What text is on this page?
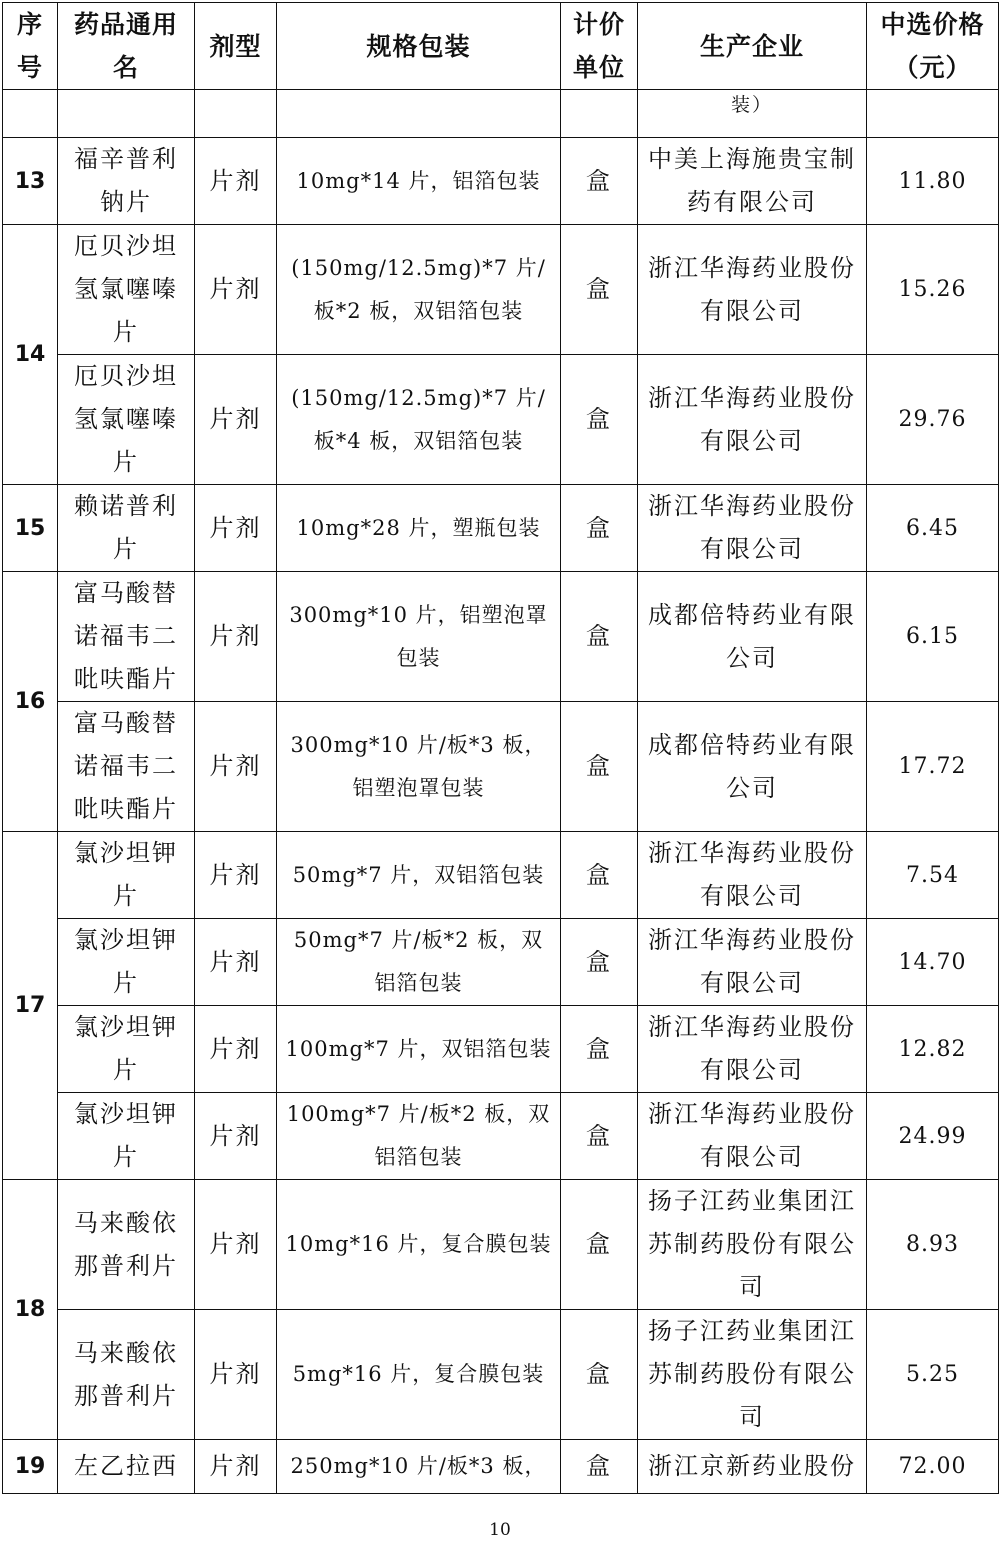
序号	药品通用名	剂型	规格包装	计价单位	生产企业	中选价格（元）
					装）	
13	福辛普利钠片	片剂	10mg*14 片，铝箔包装	盒	中美上海施贵宝制药有限公司	11.80
14	厄贝沙坦氢氯噻嗪片	片剂	(150mg/12.5mg)*7 片/板*2 板，双铝箔包装	盒	浙江华海药业股份有限公司	15.26
	厄贝沙坦氢氯噻嗪片	片剂	(150mg/12.5mg)*7 片/板*4 板，双铝箔包装	盒	浙江华海药业股份有限公司	29.76
15	赖诺普利片	片剂	10mg*28 片，塑瓶包装	盒	浙江华海药业股份有限公司	6.45
16	富马酸替诺福韦二吡呋酯片	片剂	300mg*10 片，铝塑泡罩包装	盒	成都倍特药业有限公司	6.15
	富马酸替诺福韦二吡呋酯片	片剂	300mg*10 片/板*3 板，铝塑泡罩包装	盒	成都倍特药业有限公司	17.72
17	氯沙坦钾片	片剂	50mg*7 片，双铝箔包装	盒	浙江华海药业股份有限公司	7.54
	氯沙坦钾片	片剂	50mg*7 片/板*2 板，双铝箔包装	盒	浙江华海药业股份有限公司	14.70
	氯沙坦钾片	片剂	100mg*7 片，双铝箔包装	盒	浙江华海药业股份有限公司	12.82
	氯沙坦钾片	片剂	100mg*7 片/板*2 板，双铝箔包装	盒	浙江华海药业股份有限公司	24.99
18	马来酸依那普利片	片剂	10mg*16 片，复合膜包装	盒	扬子江药业集团江苏制药股份有限公司	8.93
	马来酸依那普利片	片剂	5mg*16 片，复合膜包装	盒	扬子江药业集团江苏制药股份有限公司	5.25
19	左乙拉西	片剂	250mg*10 片/板*3 板，	盒	浙江京新药业股份	72.00
10
